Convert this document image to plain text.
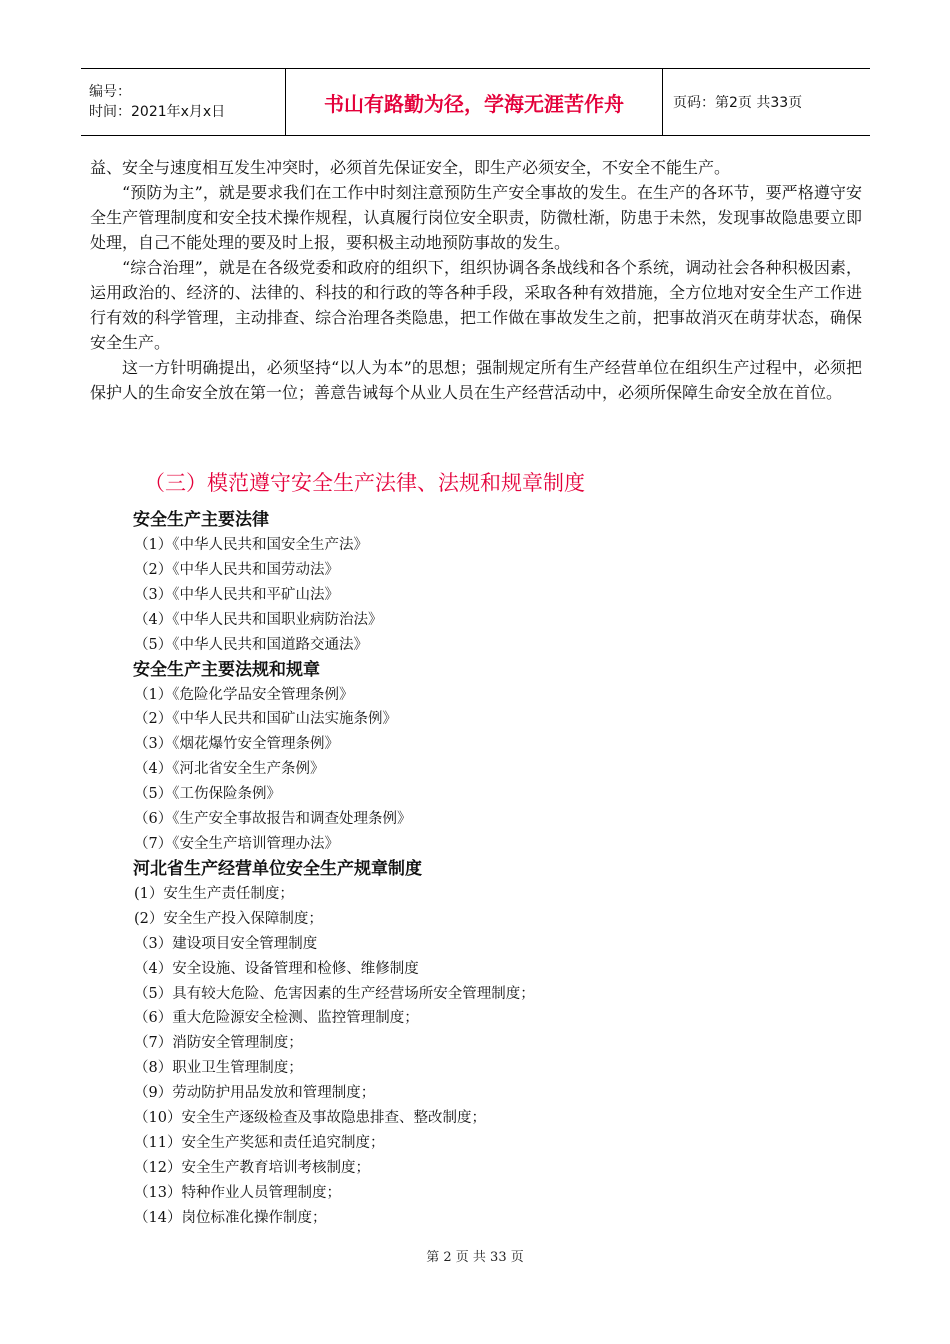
编号：
时间：2021年x月x日	书山有路勤为径，学海无涯苦作舟	页码：第2页 共33页

益、安全与速度相互发生冲突时，必须首先保证安全，即生产必须安全，不安全不能生产。

“预防为主”，就是要求我们在工作中时刻注意预防生产安全事故的发生。在生产的各环节，要严格遵守安全生产管理制度和安全技术操作规程，认真履行岗位安全职责，防微杜渐，防患于未然，发现事故隐患要立即处理，自己不能处理的要及时上报，要积极主动地预防事故的发生。

“综合治理”，就是在各级党委和政府的组织下，组织协调各条战线和各个系统，调动社会各种积极因素，运用政治的、经济的、法律的、科技的和行政的等各种手段，采取各种有效措施，全方位地对安全生产工作进行有效的科学管理，主动排查、综合治理各类隐患，把工作做在事故发生之前，把事故消灭在萌芽状态，确保安全生产。

这一方针明确提出，必须坚持“以人为本”的思想；强制规定所有生产经营单位在组织生产过程中，必须把保护人的生命安全放在第一位；善意告诫每个从业人员在生产经营活动中，必须所保障生命安全放在首位。

（三）模范遵守安全生产法律、法规和规章制度
安全生产主要法律
（1）《中华人民共和国安全生产法》
（2）《中华人民共和国劳动法》
（3）《中华人民共和平矿山法》
（4）《中华人民共和国职业病防治法》
（5）《中华人民共和国道路交通法》
安全生产主要法规和规章
（1）《危险化学品安全管理条例》
（2）《中华人民共和国矿山法实施条例》
（3）《烟花爆竹安全管理条例》
（4）《河北省安全生产条例》
（5）《工伤保险条例》
（6）《生产安全事故报告和调查处理条例》
（7）《安全生产培训管理办法》
河北省生产经营单位安全生产规章制度
(1）安生生产责任制度；
(2）安全生产投入保障制度；
（3）建设项目安全管理制度
（4）安全设施、设备管理和检修、维修制度
（5）具有较大危险、危害因素的生产经营场所安全管理制度；
（6）重大危险源安全检测、监控管理制度；
（7）消防安全管理制度；
（8）职业卫生管理制度；
（9）劳动防护用品发放和管理制度；
（10）安全生产逐级检查及事故隐患排查、整改制度；
（11）安全生产奖惩和责任追究制度；
（12）安全生产教育培训考核制度；
（13）特种作业人员管理制度；
（14）岗位标准化操作制度；
第 2 页 共 33 页
